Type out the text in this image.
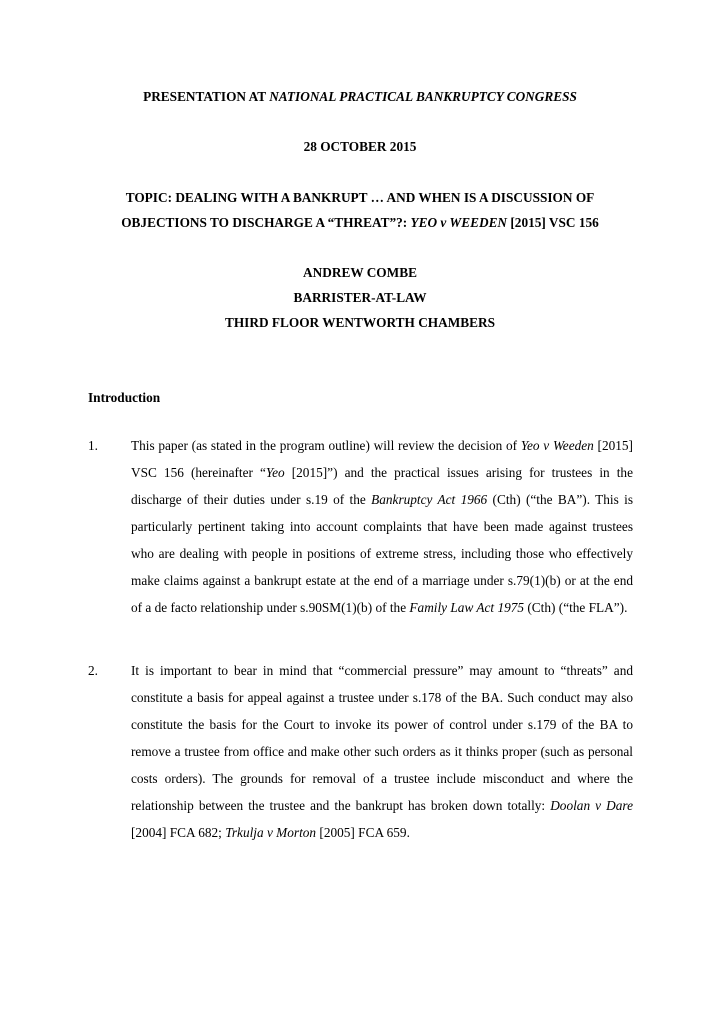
PRESENTATION AT NATIONAL PRACTICAL BANKRUPTCY CONGRESS
28 OCTOBER 2015
TOPIC: DEALING WITH A BANKRUPT … AND WHEN IS A DISCUSSION OF
OBJECTIONS TO DISCHARGE A “THREAT”?: YEO v WEEDEN [2015] VSC 156
ANDREW COMBE
BARRISTER-AT-LAW
THIRD FLOOR WENTWORTH CHAMBERS
Introduction
1. This paper (as stated in the program outline) will review the decision of Yeo v Weeden [2015] VSC 156 (hereinafter “Yeo [2015]”) and the practical issues arising for trustees in the discharge of their duties under s.19 of the Bankruptcy Act 1966 (Cth) (“the BA”). This is particularly pertinent taking into account complaints that have been made against trustees who are dealing with people in positions of extreme stress, including those who effectively make claims against a bankrupt estate at the end of a marriage under s.79(1)(b) or at the end of a de facto relationship under s.90SM(1)(b) of the Family Law Act 1975 (Cth) (“the FLA”).
2. It is important to bear in mind that “commercial pressure” may amount to “threats” and constitute a basis for appeal against a trustee under s.178 of the BA. Such conduct may also constitute the basis for the Court to invoke its power of control under s.179 of the BA to remove a trustee from office and make other such orders as it thinks proper (such as personal costs orders). The grounds for removal of a trustee include misconduct and where the relationship between the trustee and the bankrupt has broken down totally: Doolan v Dare [2004] FCA 682; Trkulja v Morton [2005] FCA 659.
